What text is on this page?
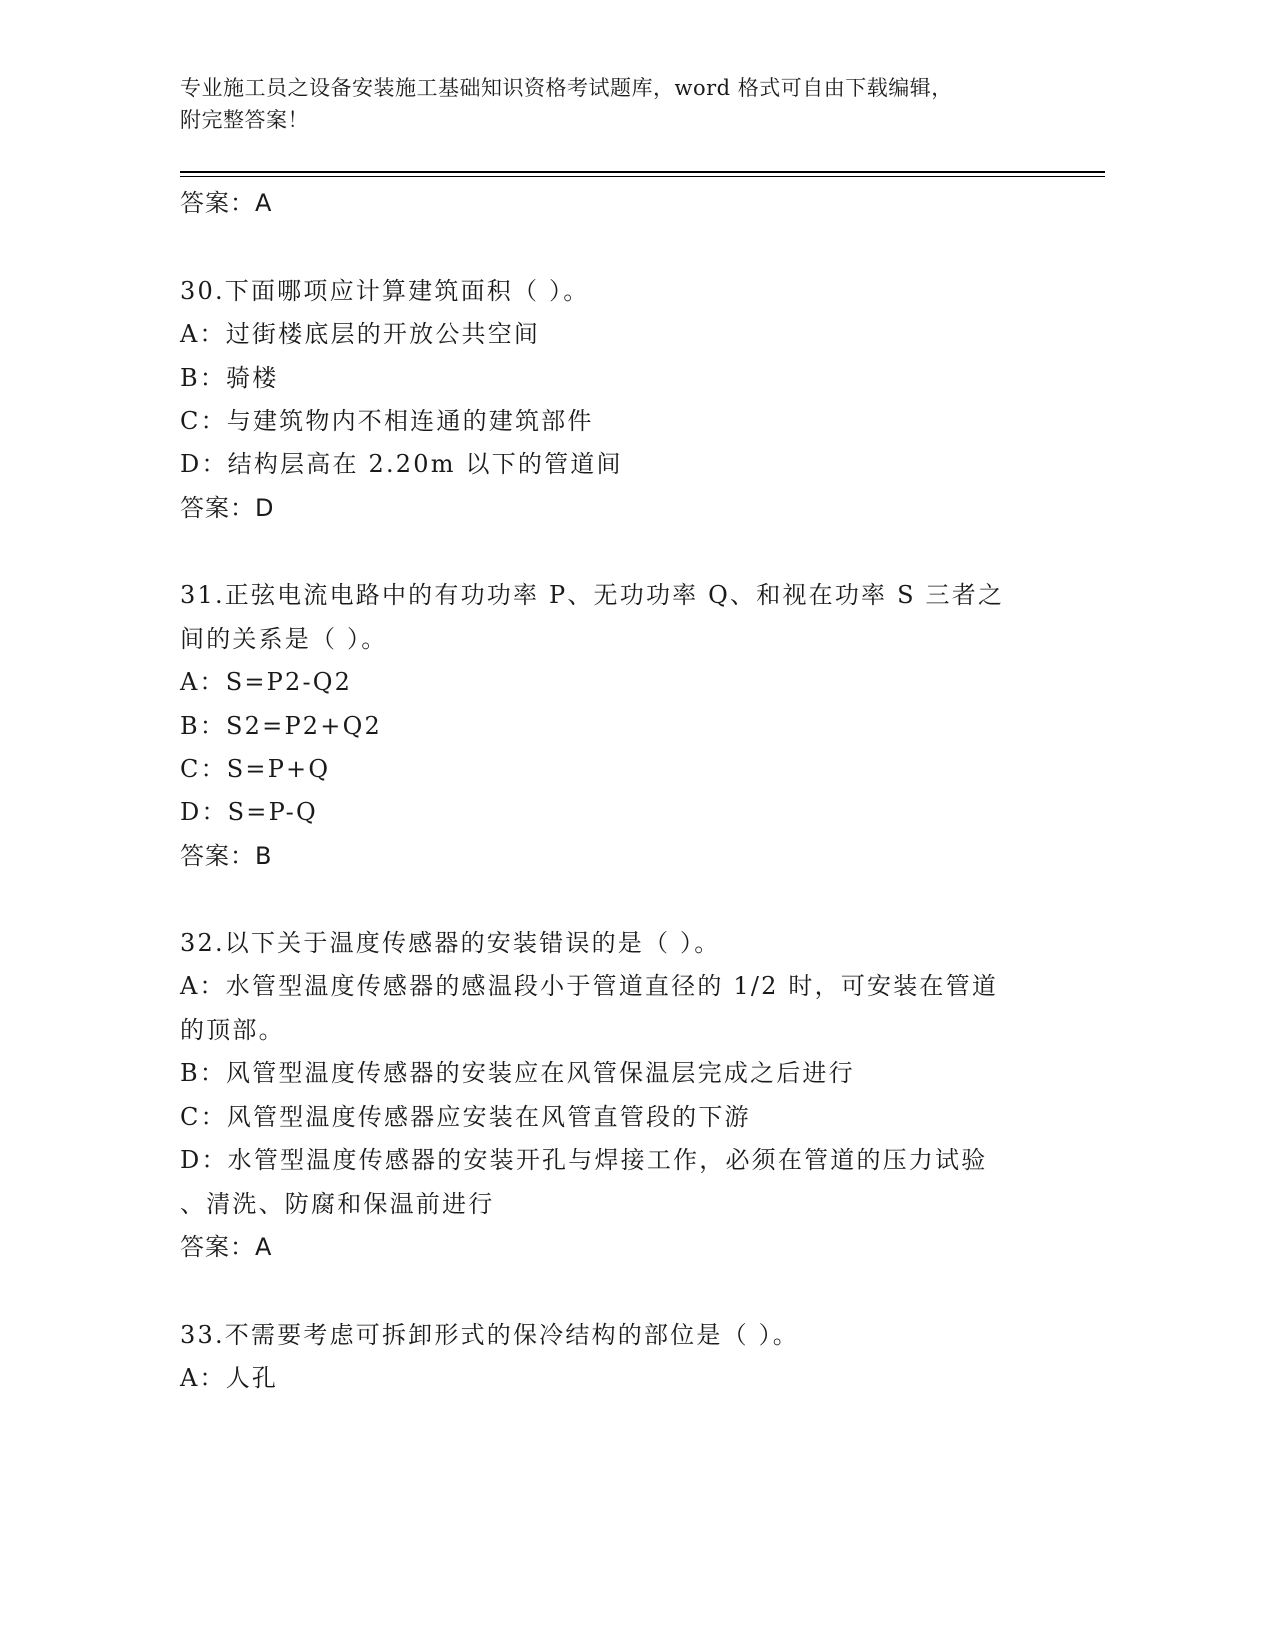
专业施工员之设备安装施工基础知识资格考试题库，word 格式可自由下载编辑，
附完整答案！
答案：A
30.下面哪项应计算建筑面积（ ）。
A：过街楼底层的开放公共空间
B：骑楼
C：与建筑物内不相连通的建筑部件
D：结构层高在 2.20m 以下的管道间
答案：D
31.正弦电流电路中的有功功率 P、无功功率 Q、和视在功率 S 三者之
间的关系是（ ）。
A：S=P2-Q2
B：S2=P2+Q2
C：S=P+Q
D：S=P-Q
答案：B
32.以下关于温度传感器的安装错误的是（ ）。
A：水管型温度传感器的感温段小于管道直径的 1/2 时，可安装在管道
的顶部。
B：风管型温度传感器的安装应在风管保温层完成之后进行
C：风管型温度传感器应安装在风管直管段的下游
D：水管型温度传感器的安装开孔与焊接工作，必须在管道的压力试验
、清洗、防腐和保温前进行
答案：A
33.不需要考虑可拆卸形式的保冷结构的部位是（ ）。
A：人孔
